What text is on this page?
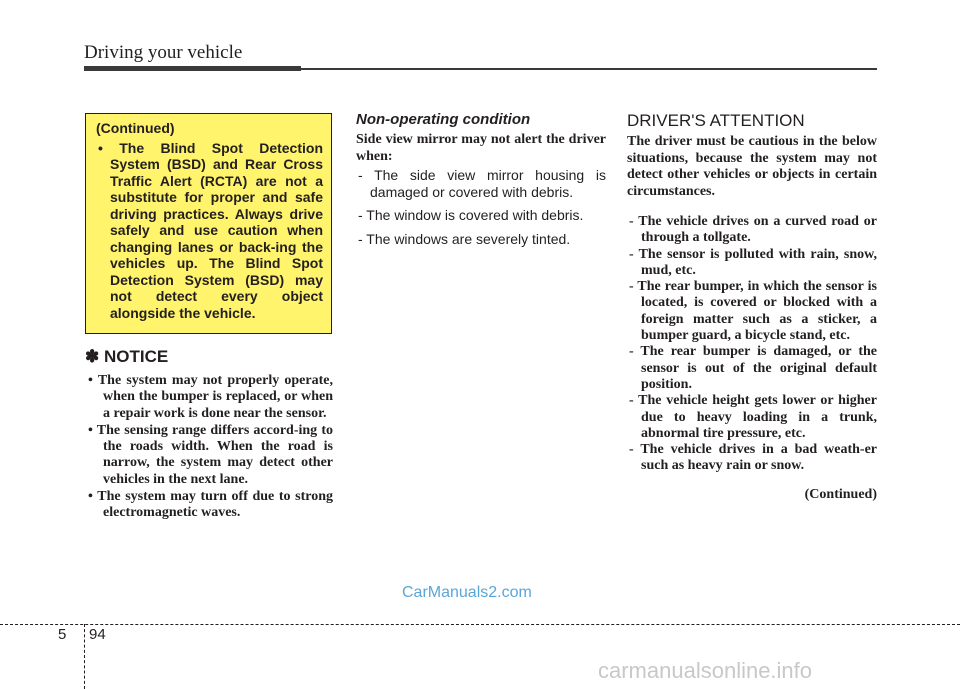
Driving your vehicle
(Continued)
• The Blind Spot Detection System (BSD) and Rear Cross Traffic Alert (RCTA) are not a substitute for proper and safe driving practices. Always drive safely and use caution when changing lanes or back-ing the vehicles up. The Blind Spot Detection System (BSD) may not detect every object alongside the vehicle.
✽ NOTICE
• The system may not properly operate, when the bumper is replaced, or when a repair work is done near the sensor.
• The sensing range differs accord-ing to the roads width. When the road is narrow, the system may detect other vehicles in the next lane.
• The system may turn off due to strong electromagnetic waves.
Non-operating condition
Side view mirror may not alert the driver when:
- The side view mirror housing is damaged or covered with debris.
- The window is covered with debris.
- The windows are severely tinted.
DRIVER'S ATTENTION
The driver must be cautious in the below situations, because the system may not detect other vehicles or objects in certain circumstances.
- The vehicle drives on a curved road or through a tollgate.
- The sensor is polluted with rain, snow, mud, etc.
- The rear bumper, in which the sensor is located, is covered or blocked with a foreign matter such as a sticker, a bumper guard, a bicycle stand, etc.
- The rear bumper is damaged, or the sensor is out of the original default position.
- The vehicle height gets lower or higher due to heavy loading in a trunk, abnormal tire pressure, etc.
- The vehicle drives in a bad weath-er such as heavy rain or snow.
(Continued)
CarManuals2.com
5 94
carmanualsonline.info
